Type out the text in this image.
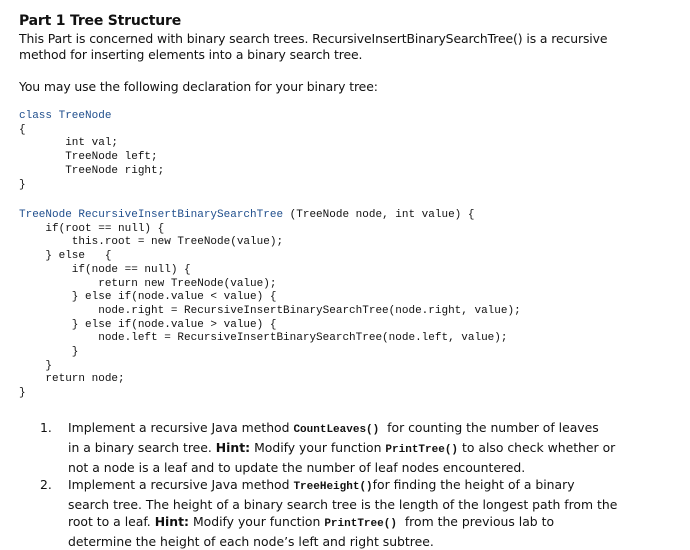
Part 1 Tree Structure
This Part is concerned with binary search trees. RecursiveInsertBinarySearchTree() is a recursive
method for inserting elements into a binary search tree.
You may use the following declaration for your binary tree:
class TreeNode
{
int val;
TreeNode left;
TreeNode right;
}
TreeNode RecursiveInsertBinarySearchTree (TreeNode node, int value) {
if(root == null) {
this.root = new TreeNode(value);
} else   {
if(node == null) {
return new TreeNode(value);
} else if(node.value < value) {
node.right = RecursiveInsertBinarySearchTree(node.right, value);
} else if(node.value > value) {
node.left = RecursiveInsertBinarySearchTree(node.left, value);
}
}
return node;
}
1. Implement a recursive Java method CountLeaves()  for counting the number of leaves
in a binary search tree. Hint: Modify your function PrintTree() to also check whether or
not a node is a leaf and to update the number of leaf nodes encountered.
2. Implement a recursive Java method TreeHeight()for finding the height of a binary
search tree. The height of a binary search tree is the length of the longest path from the
root to a leaf. Hint: Modify your function PrintTree()  from the previous lab to
determine the height of each node’s left and right subtree.
